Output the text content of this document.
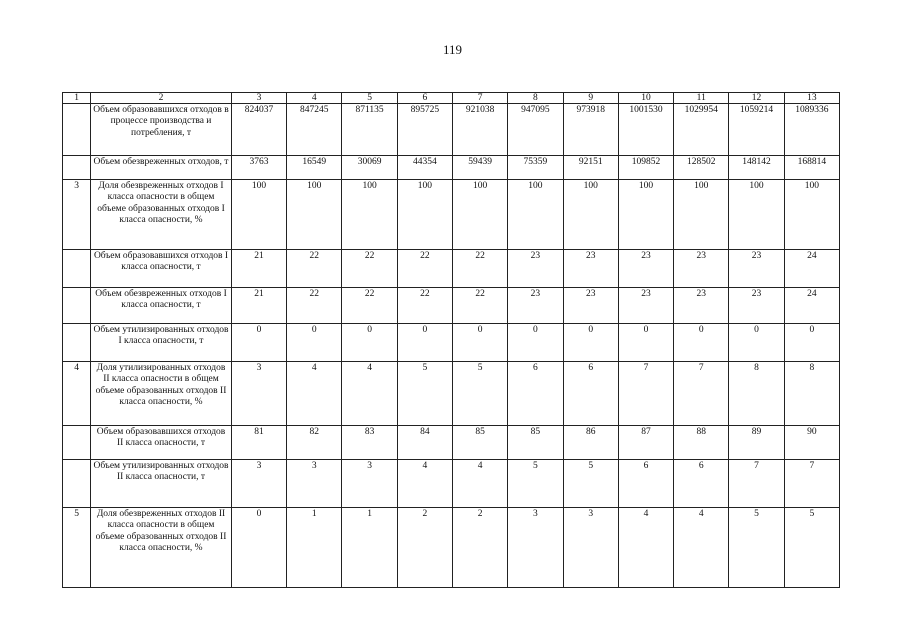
119
1	2	3	4	5	6	7	8	9	10	11	12	13
	Объем образовавшихся отходов в процессе производства и потребления, т	824037	847245	871135	895725	921038	947095	973918	1001530	1029954	1059214	1089336
	Объем обезвреженных отходов, т	3763	16549	30069	44354	59439	75359	92151	109852	128502	148142	168814
3	Доля обезвреженных отходов I класса опасности в общем объеме образованных отходов I класса опасности, %	100	100	100	100	100	100	100	100	100	100	100
	Объем образовавшихся отходов I класса опасности, т	21	22	22	22	22	23	23	23	23	23	24
	Объем обезвреженных отходов I класса опасности, т	21	22	22	22	22	23	23	23	23	23	24
	Объем утилизированных отходов I класса опасности, т	0	0	0	0	0	0	0	0	0	0	0
4	Доля утилизированных отходов II класса опасности в общем объеме образованных отходов II класса опасности, %	3	4	4	5	5	6	6	7	7	8	8
	Объем образовавшихся отходов II класса опасности, т	81	82	83	84	85	85	86	87	88	89	90
	Объем утилизированных отходов II класса опасности, т	3	3	3	4	4	5	5	6	6	7	7
5	Доля обезвреженных отходов II класса опасности в общем объеме образованных отходов II класса опасности, %	0	1	1	2	2	3	3	4	4	5	5
